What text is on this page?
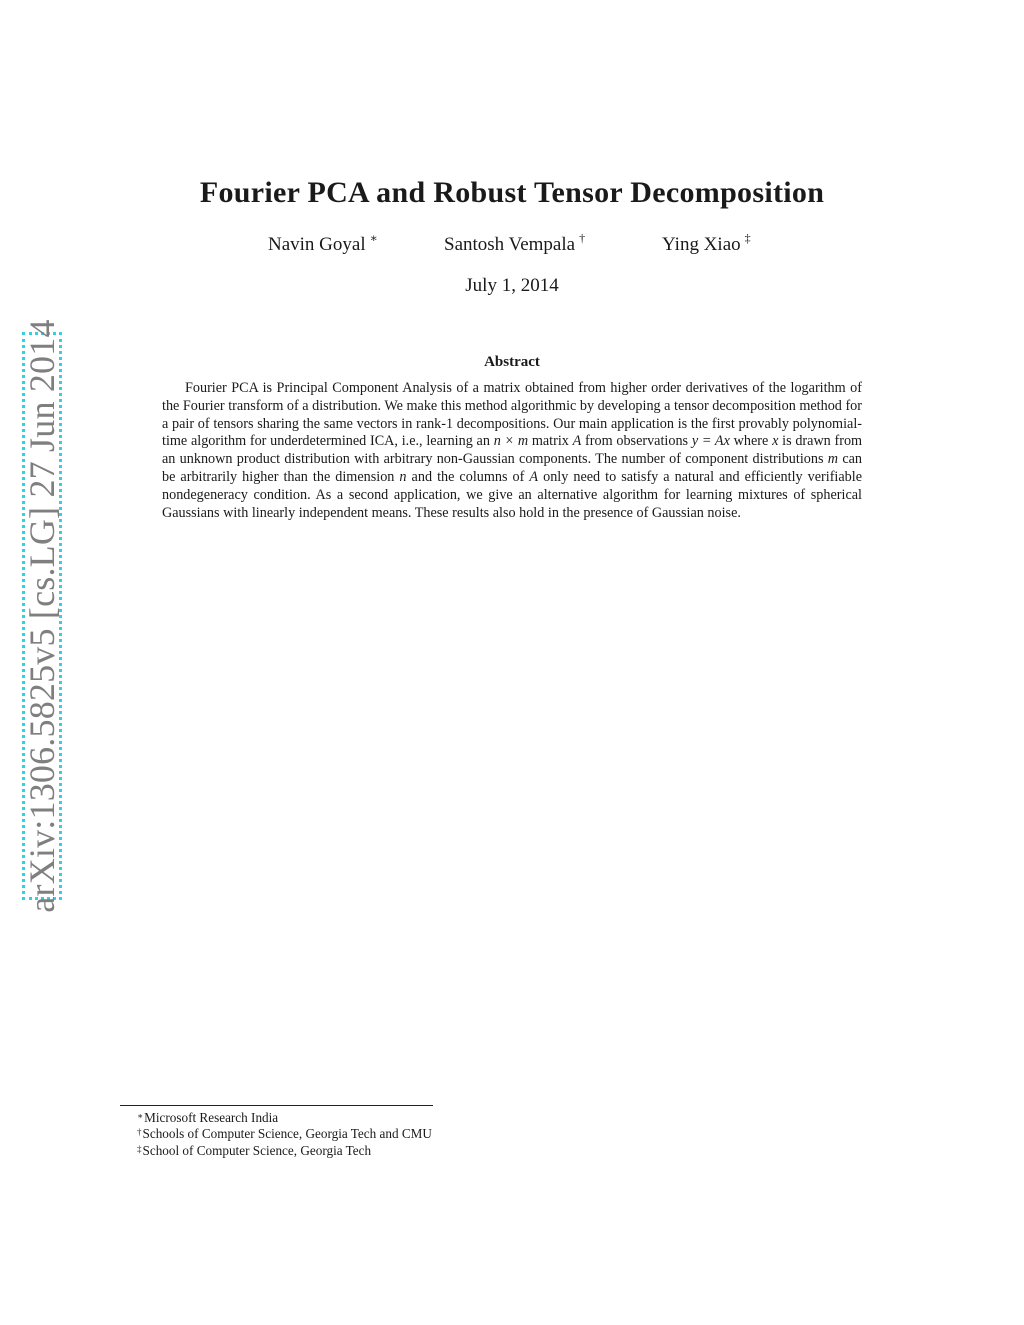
arXiv:1306.5825v5 [cs.LG] 27 Jun 2014
Fourier PCA and Robust Tensor Decomposition
Navin Goyal ∗	Santosh Vempala †	Ying Xiao ‡
July 1, 2014
Abstract
Fourier PCA is Principal Component Analysis of a matrix obtained from higher order derivatives of the logarithm of the Fourier transform of a distribution. We make this method algorithmic by developing a tensor decomposition method for a pair of tensors sharing the same vectors in rank-1 decompositions. Our main application is the first provably polynomial-time algorithm for underdetermined ICA, i.e., learning an n × m matrix A from observations y = Ax where x is drawn from an unknown product distribution with arbitrary non-Gaussian components. The number of component distributions m can be arbitrarily higher than the dimension n and the columns of A only need to satisfy a natural and efficiently verifiable nondegeneracy condition. As a second application, we give an alternative algorithm for learning mixtures of spherical Gaussians with linearly independent means. These results also hold in the presence of Gaussian noise.
∗Microsoft Research India
†Schools of Computer Science, Georgia Tech and CMU
‡School of Computer Science, Georgia Tech
